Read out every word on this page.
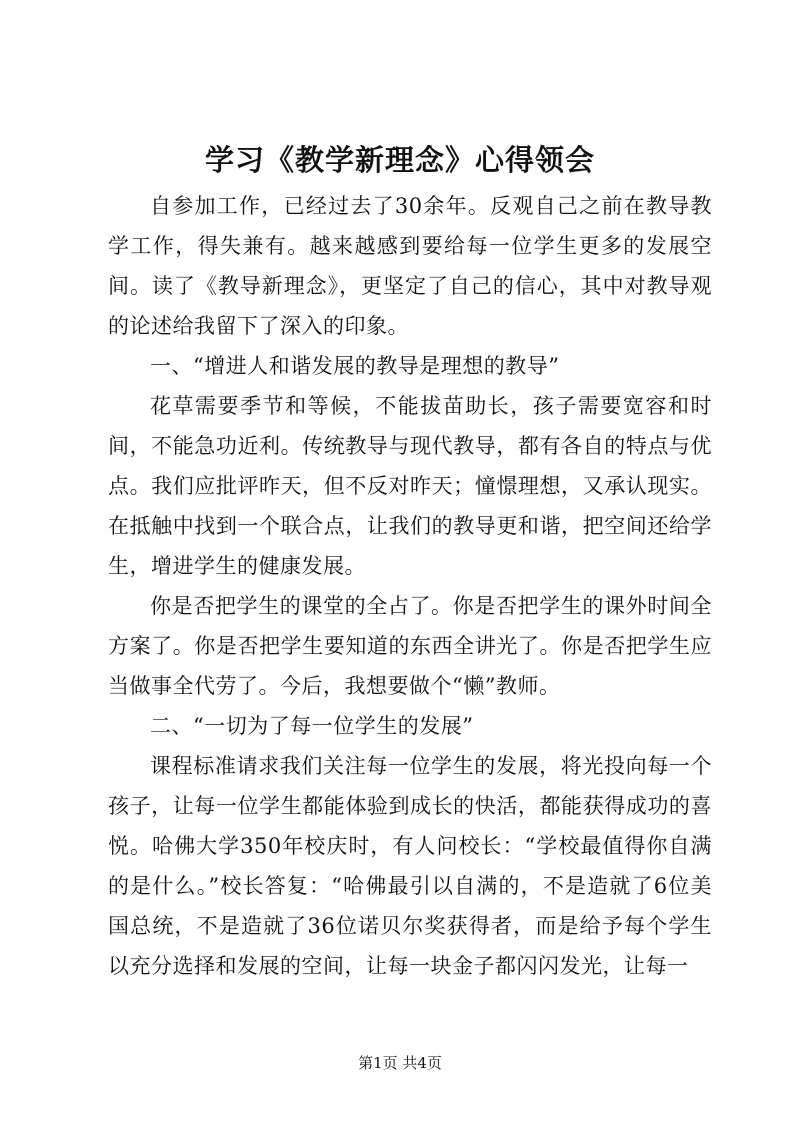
学习《教学新理念》心得领会

自参加工作，已经过去了30余年。反观自己之前在教导教学工作，得失兼有。越来越感到要给每一位学生更多的发展空间。读了《教导新理念》，更坚定了自己的信心，其中对教导观的论述给我留下了深入的印象。

一、“增进人和谐发展的教导是理想的教导”

花草需要季节和等候，不能拔苗助长，孩子需要宽容和时间，不能急功近利。传统教导与现代教导，都有各自的特点与优点。我们应批评昨天，但不反对昨天；憧憬理想，又承认现实。在抵触中找到一个联合点，让我们的教导更和谐，把空间还给学生，增进学生的健康发展。

你是否把学生的课堂的全占了。你是否把学生的课外时间全方案了。你是否把学生要知道的东西全讲光了。你是否把学生应当做事全代劳了。今后，我想要做个“懒”教师。

二、“一切为了每一位学生的发展”

课程标准请求我们关注每一位学生的发展，将光投向每一个孩子，让每一位学生都能体验到成长的快活，都能获得成功的喜悦。哈佛大学350年校庆时，有人问校长：“学校最值得你自满的是什么。”校长答复：“哈佛最引以自满的，不是造就了6位美国总统，不是造就了36位诺贝尔奖获得者，而是给予每个学生以充分选择和发展的空间，让每一块金子都闪闪发光，让每一

第1页 共4页
